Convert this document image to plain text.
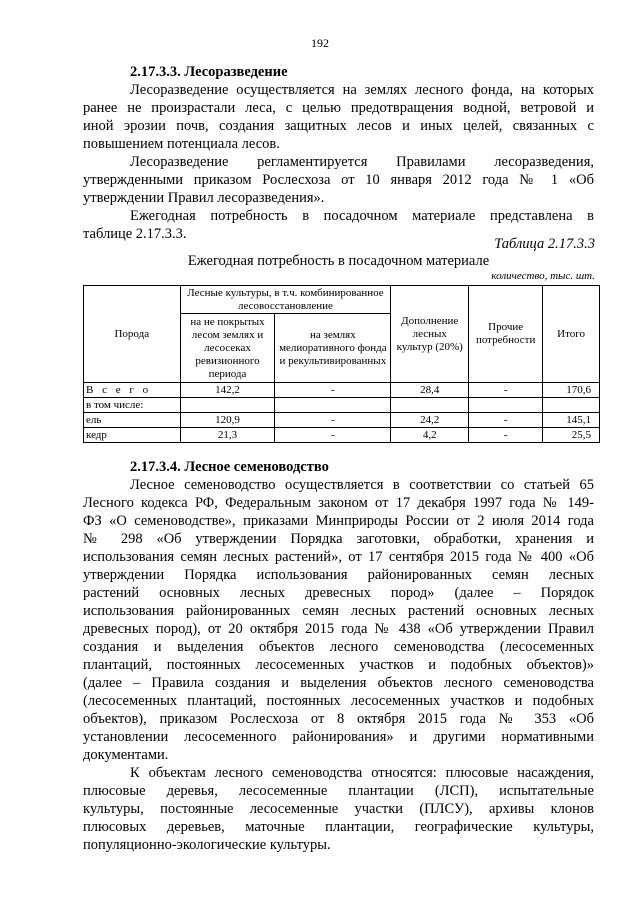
192
2.17.3.3. Лесоразведение
Лесоразведение осуществляется на землях лесного фонда, на которых
ранее не произрастали леса, с целью предотвращения водной, ветровой и
иной эрозии почв, создания защитных лесов и иных целей, связанных с
повышением потенциала лесов.
Лесоразведение регламентируется Правилами лесоразведения,
утвержденными приказом Рослесхоза от 10 января 2012 года № 1 «Об
утверждении Правил лесоразведения».
Ежегодная потребность в посадочном материале представлена в
таблице 2.17.3.3.
Таблица 2.17.3.3
Ежегодная потребность в посадочном материале
количество, тыс. шт.
Порода	Лесные культуры, в т.ч. комбинированное лесовосстановление		Дополнение лесных культур (20%)	Прочие потребности	Итого
	на не покрытых лесом землях и лесосеках ревизионного периода	на землях мелиоративного фонда и рекультивированных			
В с е г о	142,2	-	28,4	-	170,6
в том числе:					
ель	120,9	-	24,2	-	145,1
кедр	21,3	-	4,2	-	25,5
2.17.3.4. Лесное семеноводство
Лесное семеноводство осуществляется в соответствии со статьей 65
Лесного кодекса РФ, Федеральным законом от 17 декабря 1997 года № 149-
ФЗ «О семеноводстве», приказами Минприроды России от 2 июля 2014 года
№ 298 «Об утверждении Порядка заготовки, обработки, хранения и
использования семян лесных растений», от 17 сентября 2015 года № 400 «Об
утверждении Порядка использования районированных семян лесных
растений основных лесных древесных пород» (далее – Порядок
использования районированных семян лесных растений основных лесных
древесных пород), от 20 октября 2015 года № 438 «Об утверждении Правил
создания и выделения объектов лесного семеноводства (лесосеменных
плантаций, постоянных лесосеменных участков и подобных объектов)»
(далее – Правила создания и выделения объектов лесного семеноводства
(лесосеменных плантаций, постоянных лесосеменных участков и подобных
объектов), приказом Рослесхоза от 8 октября 2015 года № 353 «Об
установлении лесосеменного районирования» и другими нормативными
документами.
К объектам лесного семеноводства относятся: плюсовые насаждения,
плюсовые деревья, лесосеменные плантации (ЛСП), испытательные
культуры, постоянные лесосеменные участки (ПЛСУ), архивы клонов
плюсовых деревьев, маточные плантации, географические культуры,
популяционно-экологические культуры.
